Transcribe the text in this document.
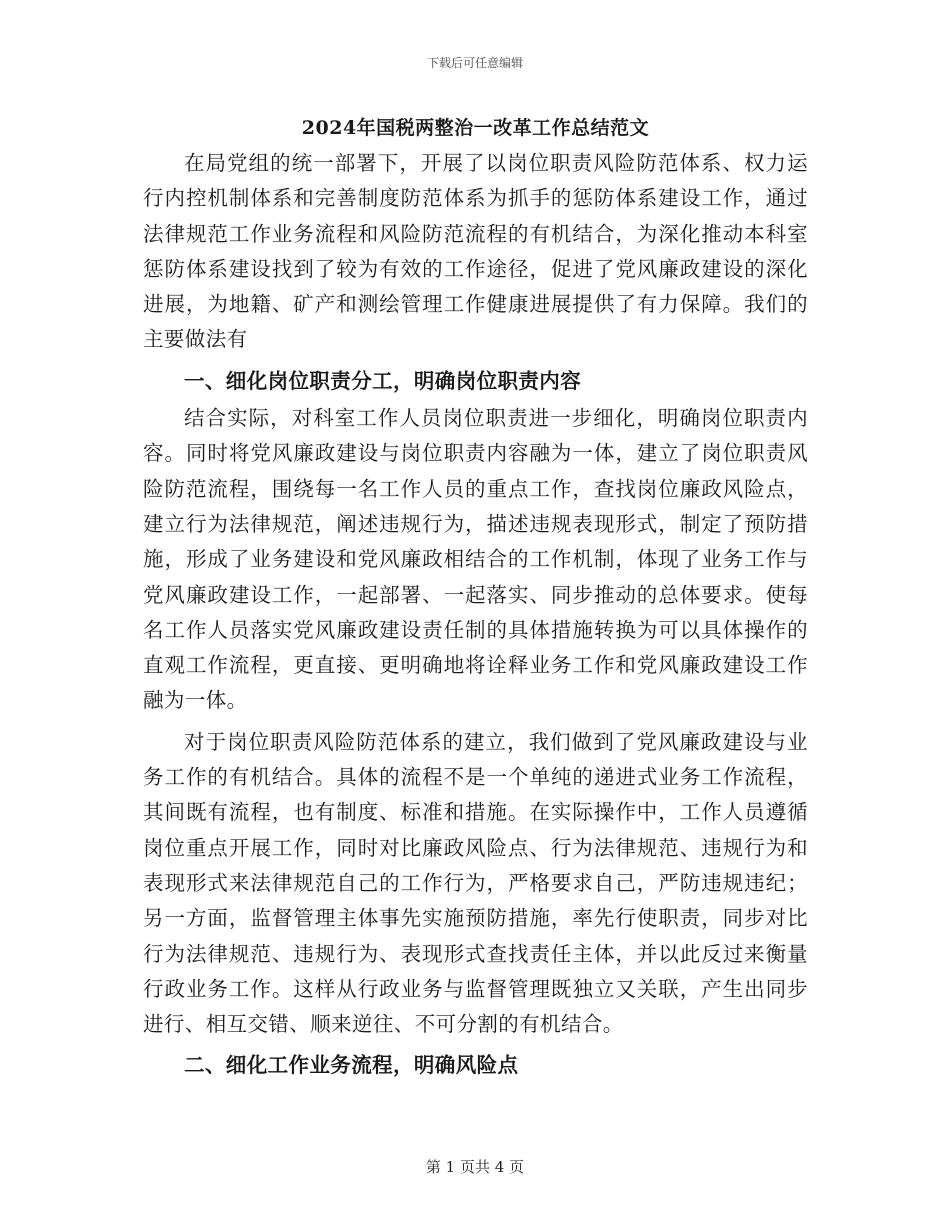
下载后可任意编辑
2024年国税两整治一改革工作总结范文

在局党组的统一部署下，开展了以岗位职责风险防范体系、权力运行内控机制体系和完善制度防范体系为抓手的惩防体系建设工作，通过法律规范工作业务流程和风险防范流程的有机结合，为深化推动本科室惩防体系建设找到了较为有效的工作途径，促进了党风廉政建设的深化进展，为地籍、矿产和测绘管理工作健康进展提供了有力保障。我们的主要做法有

一、细化岗位职责分工，明确岗位职责内容

结合实际，对科室工作人员岗位职责进一步细化，明确岗位职责内容。同时将党风廉政建设与岗位职责内容融为一体，建立了岗位职责风险防范流程，围绕每一名工作人员的重点工作，查找岗位廉政风险点，建立行为法律规范，阐述违规行为，描述违规表现形式，制定了预防措施，形成了业务建设和党风廉政相结合的工作机制，体现了业务工作与党风廉政建设工作，一起部署、一起落实、同步推动的总体要求。使每名工作人员落实党风廉政建设责任制的具体措施转换为可以具体操作的直观工作流程，更直接、更明确地将诠释业务工作和党风廉政建设工作融为一体。

对于岗位职责风险防范体系的建立，我们做到了党风廉政建设与业务工作的有机结合。具体的流程不是一个单纯的递进式业务工作流程，其间既有流程，也有制度、标准和措施。在实际操作中，工作人员遵循岗位重点开展工作，同时对比廉政风险点、行为法律规范、违规行为和表现形式来法律规范自己的工作行为，严格要求自己，严防违规违纪；另一方面，监督管理主体事先实施预防措施，率先行使职责，同步对比行为法律规范、违规行为、表现形式查找责任主体，并以此反过来衡量行政业务工作。这样从行政业务与监督管理既独立又关联，产生出同步进行、相互交错、顺来逆往、不可分割的有机结合。

二、细化工作业务流程，明确风险点
第 1 页共 4 页
